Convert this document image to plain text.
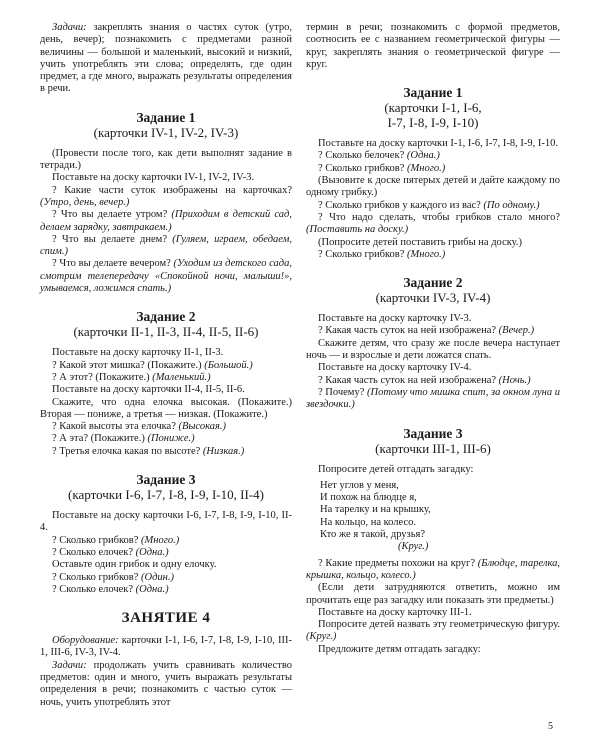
Задачи: закреплять знания о частях суток (утро, день, вечер); познакомить с предметами разной величины — большой и маленький, высокий и низкий, учить употреблять эти слова; определять, где один предмет, а где много, выражать результаты определения в речи.

Задание 1
(карточки IV-1, IV-2, IV-3)

(Провести после того, как дети выполнят задание в тетради.)

Поставьте на доску карточки IV-1, IV-2, IV-3.

? Какие части суток изображены на карточках? (Утро, день, вечер.)

? Что вы делаете утром? (Приходим в детский сад, делаем зарядку, завтракаем.)

? Что вы делаете днем? (Гуляем, играем, обедаем, спим.)

? Что вы делаете вечером? (Уходим из детского сада, смотрим телепередачу «Спокойной ночи, малыши!», умываемся, ложимся спать.)

Задание 2
(карточки II-1, II-3, II-4, II-5, II-6)

Поставьте на доску карточку II-1, II-3.

? Какой этот мишка? (Покажите.) (Большой.)

? А этот? (Покажите.) (Маленький.)

Поставьте на доску карточки II-4, II-5, II-6.

Скажите, что одна елочка высокая. (Покажите.) Вторая — пониже, а третья — низкая. (Покажите.)

? Какой высоты эта елочка? (Высокая.)

? А эта? (Покажите.) (Пониже.)

? Третья елочка какая по высоте? (Низкая.)

Задание 3
(карточки I-6, I-7, I-8, I-9, I-10, II-4)

Поставьте на доску карточки I-6, I-7, I-8, I-9, I-10, II-4.

? Сколько грибков? (Много.)

? Сколько елочек? (Одна.)

Оставьте один грибок и одну елочку.

? Сколько грибков? (Один.)

? Сколько елочек? (Одна.)

ЗАНЯТИЕ 4

Оборудование: карточки I-1, I-6, I-7, I-8, I-9, I-10, III-1, III-6, IV-3, IV-4.

Задачи: продолжать учить сравнивать количество предметов: один и много, учить выражать результаты определения в речи; познакомить с частью суток — ночь, учить употреблять этот

термин в речи; познакомить с формой предметов, соотносить ее с названием геометрической фигуры — круг, закреплять знания о геометрической фигуре — круг.

Задание 1
(карточки I-1, I-6,
I-7, I-8, I-9, I-10)

Поставьте на доску карточки I-1, I-6, I-7, I-8, I-9, I-10.

? Сколько белочек? (Одна.)

? Сколько грибков? (Много.)

(Вызовите к доске пятерых детей и дайте каждому по одному грибку.)

? Сколько грибков у каждого из вас? (По одному.)

? Что надо сделать, чтобы грибков стало много? (Поставить на доску.)

(Попросите детей поставить грибы на доску.)

? Сколько грибков? (Много.)

Задание 2
(карточки IV-3, IV-4)

Поставьте на доску карточку IV-3.

? Какая часть суток на ней изображена? (Вечер.)

Скажите детям, что сразу же после вечера наступает ночь — и взрослые и дети ложатся спать.

Поставьте на доску карточку IV-4.

? Какая часть суток на ней изображена? (Ночь.)

? Почему? (Потому что мишка спит, за окном луна и звездочки.)

Задание 3
(карточки III-1, III-6)

Попросите детей отгадать загадку:

Нет углов у меня,

И похож на блюдце я,

На тарелку и на крышку,

На кольцо, на колесо.

Кто же я такой, друзья?

(Круг.)

? Какие предметы похожи на круг? (Блюдце, тарелка, крышка, кольцо, колесо.)

(Если дети затрудняются ответить, можно им прочитать еще раз загадку или показать эти предметы.)

Поставьте на доску карточку III-1.

Попросите детей назвать эту геометрическую фигуру. (Круг.)

Предложите детям отгадать загадку:

5
